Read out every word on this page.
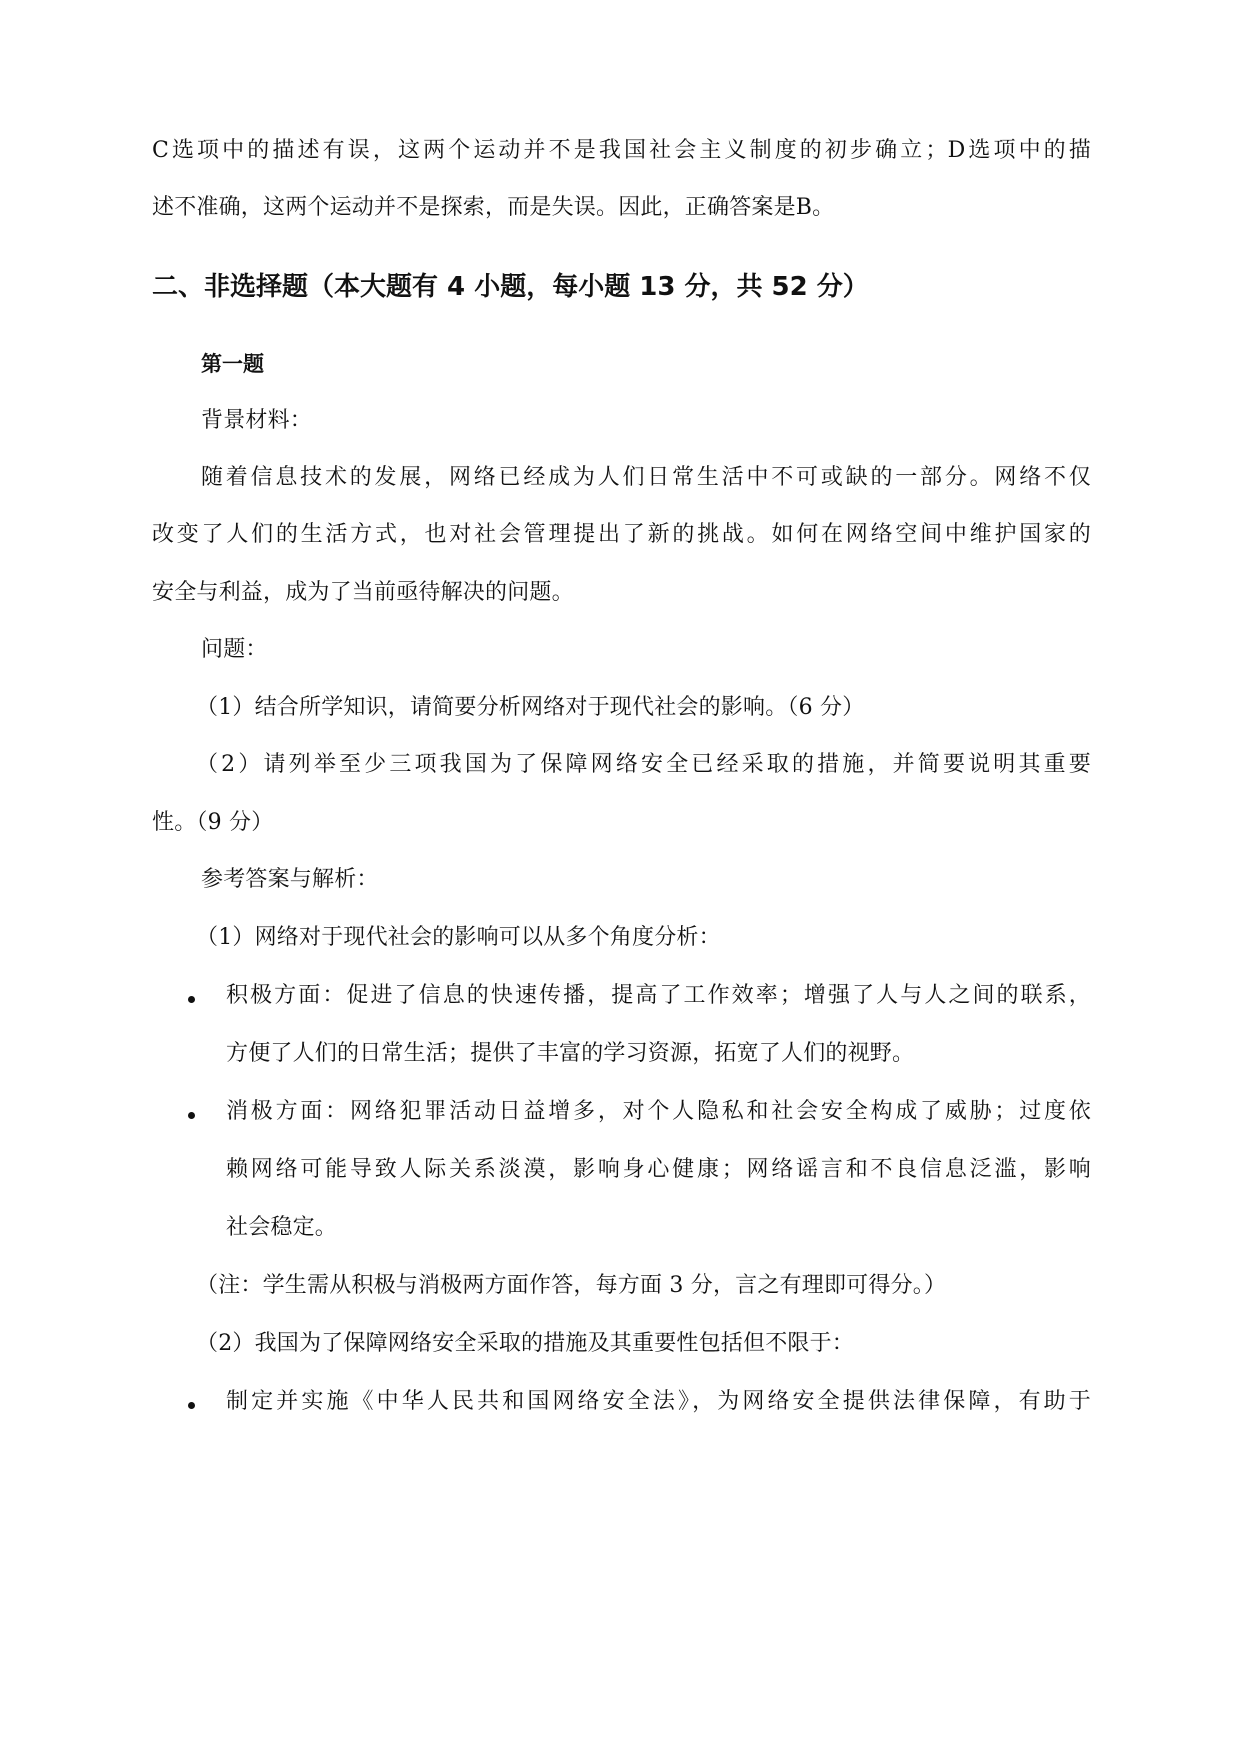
C选项中的描述有误，这两个运动并不是我国社会主义制度的初步确立；D选项中的描
述不准确，这两个运动并不是探索，而是失误。因此，正确答案是B。
二、非选择题（本大题有 4 小题，每小题 13 分，共 52 分）
第一题
背景材料：
随着信息技术的发展，网络已经成为人们日常生活中不可或缺的一部分。网络不仅
改变了人们的生活方式，也对社会管理提出了新的挑战。如何在网络空间中维护国家的
安全与利益，成为了当前亟待解决的问题。
问题：
（1）结合所学知识，请简要分析网络对于现代社会的影响。（6 分）
（2）请列举至少三项我国为了保障网络安全已经采取的措施，并简要说明其重要
性。（9 分）
参考答案与解析：
（1）网络对于现代社会的影响可以从多个角度分析：
积极方面：促进了信息的快速传播，提高了工作效率；增强了人与人之间的联系，
方便了人们的日常生活；提供了丰富的学习资源，拓宽了人们的视野。
消极方面：网络犯罪活动日益增多，对个人隐私和社会安全构成了威胁；过度依
赖网络可能导致人际关系淡漠，影响身心健康；网络谣言和不良信息泛滥，影响
社会稳定。
（注：学生需从积极与消极两方面作答，每方面 3 分，言之有理即可得分。）
（2）我国为了保障网络安全采取的措施及其重要性包括但不限于：
制定并实施《中华人民共和国网络安全法》，为网络安全提供法律保障，有助于
